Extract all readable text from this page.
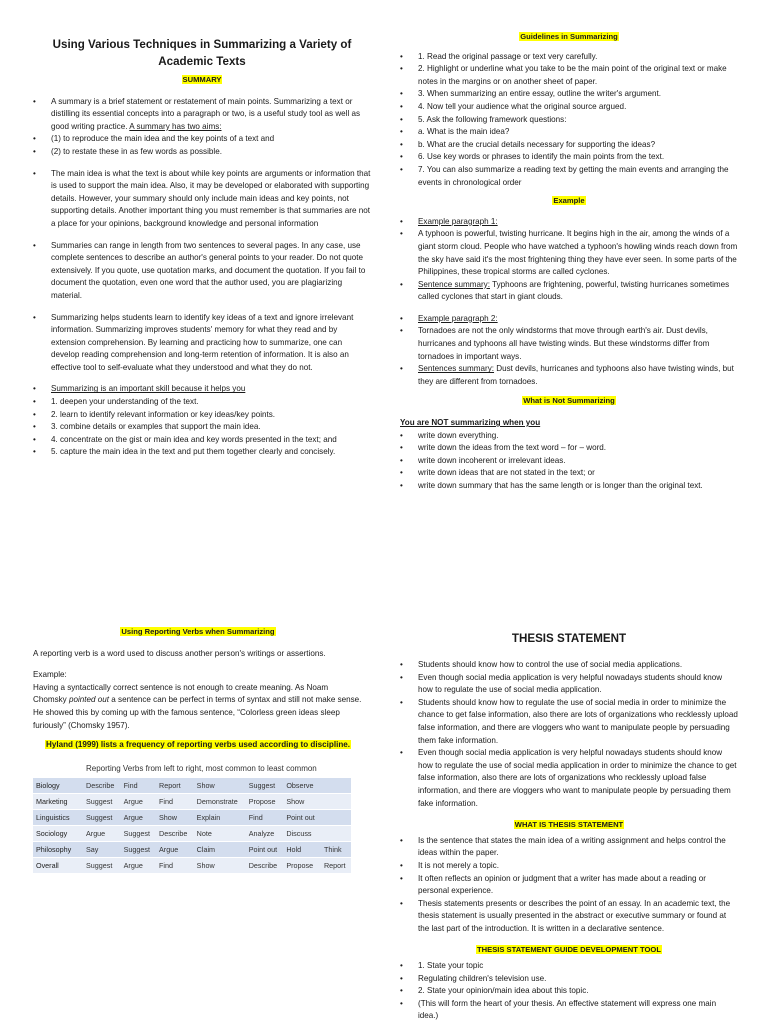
Using Various Techniques in Summarizing a Variety of
Academic Texts
SUMMARY
• A summary is a brief statement or restatement of main points. Summarizing a text or distilling its essential concepts into a paragraph or two, is a useful study tool as well as good writing practice. A summary has two aims:
• (1) to reproduce the main idea and the key points of a text and
• (2) to restate these in as few words as possible.
• The main idea is what the text is about while key points are arguments or information that is used to support the main idea. Also, it may be developed or elaborated with supporting details. However, your summary should only include main ideas and key points, not supporting details. Another important thing you must remember is that summaries are not a place for your opinions, background knowledge and personal information
• Summaries can range in length from two sentences to several pages. In any case, use complete sentences to describe an author's general points to your reader. Do not quote extensively. If you quote, use quotation marks, and document the quotation. If you fail to document the quotation, even one word that the author used, you are plagiarizing material.
• Summarizing helps students learn to identify key ideas of a text and ignore irrelevant information. Summarizing improves students' memory for what they read and by extension comprehension. By learning and practicing how to summarize, one can develop reading comprehension and long-term retention of information. It is also an effective tool to self-evaluate what they understood and what they do not.
• Summarizing is an important skill because it helps you
• 1. deepen your understanding of the text.
• 2. learn to identify relevant information or key ideas/key points.
• 3. combine details or examples that support the main idea.
• 4. concentrate on the gist or main idea and key words presented in the text; and
• 5. capture the main idea in the text and put them together clearly and concisely.
Guidelines in Summarizing
• 1. Read the original passage or text very carefully.
• 2. Highlight or underline what you take to be the main point of the original text or make notes in the margins or on another sheet of paper.
• 3. When summarizing an entire essay, outline the writer's argument.
• 4. Now tell your audience what the original source argued.
• 5. Ask the following framework questions:
• a. What is the main idea?
• b. What are the crucial details necessary for supporting the ideas?
• 6. Use key words or phrases to identify the main points from the text.
• 7. You can also summarize a reading text by getting the main events and arranging the events in chronological order
Example
• Example paragraph 1:
• A typhoon is powerful, twisting hurricane. It begins high in the air, among the winds of a giant storm cloud. People who have watched a typhoon's howling winds reach down from the sky have said it's the most frightening thing they have ever seen. In some parts of the Philippines, these tropical storms are called cyclones.
• Sentence summary: Typhoons are frightening, powerful, twisting hurricanes sometimes called cyclones that start in giant clouds.
• Example paragraph 2:
• Tornadoes are not the only windstorms that move through earth's air. Dust devils, hurricanes and typhoons all have twisting winds. But these windstorms differ from tornadoes in important ways.
• Sentences summary: Dust devils, hurricanes and typhoons also have twisting winds, but they are different from tornadoes.
What is Not Summarizing
You are NOT summarizing when you
• write down everything.
• write down the ideas from the text word – for – word.
• write down incoherent or irrelevant ideas.
• write down ideas that are not stated in the text; or
• write down summary that has the same length or is longer than the original text.
Using Reporting Verbs when Summarizing

A reporting verb is a word used to discuss another person's writings or assertions.

Example:

Having a syntactically correct sentence is not enough to create meaning. As Noam Chomsky pointed out a sentence can be perfect in terms of syntax and still not make sense. He showed this by coming up with the famous sentence, “Colorless green ideas sleep furiously” (Chomsky 1957).

Hyland (1999) lists a frequency of reporting verbs used according to discipline.
Discipline	Reporting Verbs from left to right, most common to least common						
Biology	Describe	Find	Report	Show	Suggest	Observe	
Marketing	Suggest	Argue	Find	Demonstrate	Propose	Show	
Linguistics	Suggest	Argue	Show	Explain	Find	Point out	
Sociology	Argue	Suggest	Describe	Note	Analyze	Discuss	
Philosophy	Say	Suggest	Argue	Claim	Point out	Hold	Think
Overall	Suggest	Argue	Find	Show	Describe	Propose	Report
THESIS STATEMENT
• Students should know how to control the use of social media applications.
• Even though social media application is very helpful nowadays students should know how to regulate the use of social media application.
• Students should know how to regulate the use of social media in order to minimize the chance to get false information, also there are lots of organizations who recklessly upload false information, and there are vloggers who want to manipulate people by persuading them fake information.
• Even though social media application is very helpful nowadays students should know how to regulate the use of social media application in order to minimize the chance to get false information, also there are lots of organizations who recklessly upload false information, and there are vloggers who want to manipulate people by persuading them fake information.
WHAT IS THESIS STATEMENT
• Is the sentence that states the main idea of a writing assignment and helps control the ideas within the paper.
• It is not merely a topic.
• It often reflects an opinion or judgment that a writer has made about a reading or personal experience.
• Thesis statements presents or describes the point of an essay. In an academic text, the thesis statement is usually presented in the abstract or executive summary or found at the last part of the introduction. It is written in a declarative sentence.
THESIS STATEMENT GUIDE DEVELOPMENT TOOL
• 1. State your topic
• Regulating children's television use.
• 2. State your opinion/main idea about this topic.
• (This will form the heart of your thesis. An effective statement will express one main idea.)
